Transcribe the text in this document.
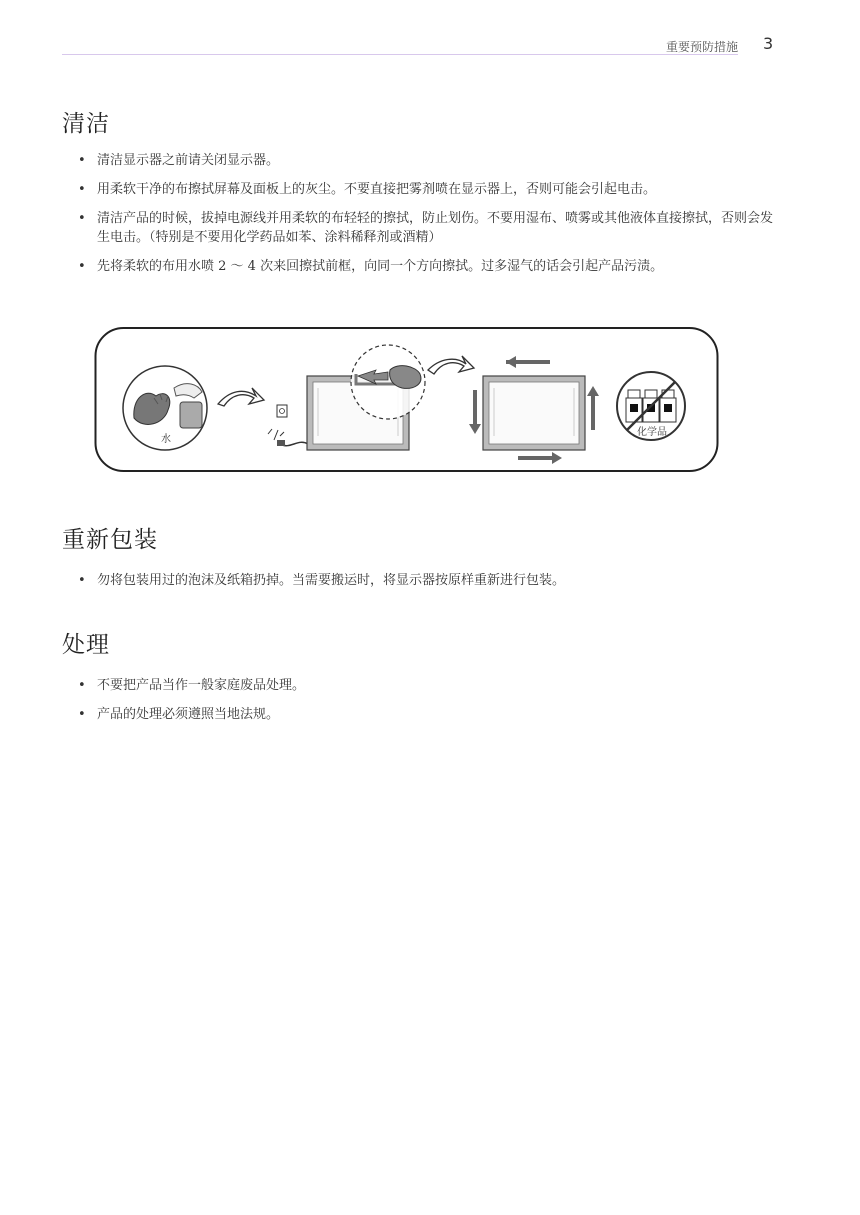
重要预防措施 3
清洁
• 清洁显示器之前请关闭显示器。
• 用柔软干净的布擦拭屏幕及面板上的灰尘。不要直接把雾剂喷在显示器上，否则可能会引起电击。
• 清洁产品的时候，拔掉电源线并用柔软的布轻轻的擦拭，防止划伤。不要用湿布、喷雾或其他液体直接擦拭，否则会发生电击。（特别是不要用化学药品如苯、涂料稀释剂或酒精）
• 先将柔软的布用水喷 2 ～ 4 次来回擦拭前框，向同一个方向擦拭。过多湿气的话会引起产品污渍。
水
化学品
重新包装
• 勿将包装用过的泡沫及纸箱扔掉。当需要搬运时，将显示器按原样重新进行包装。
处理
• 不要把产品当作一般家庭废品处理。
• 产品的处理必须遵照当地法规。
